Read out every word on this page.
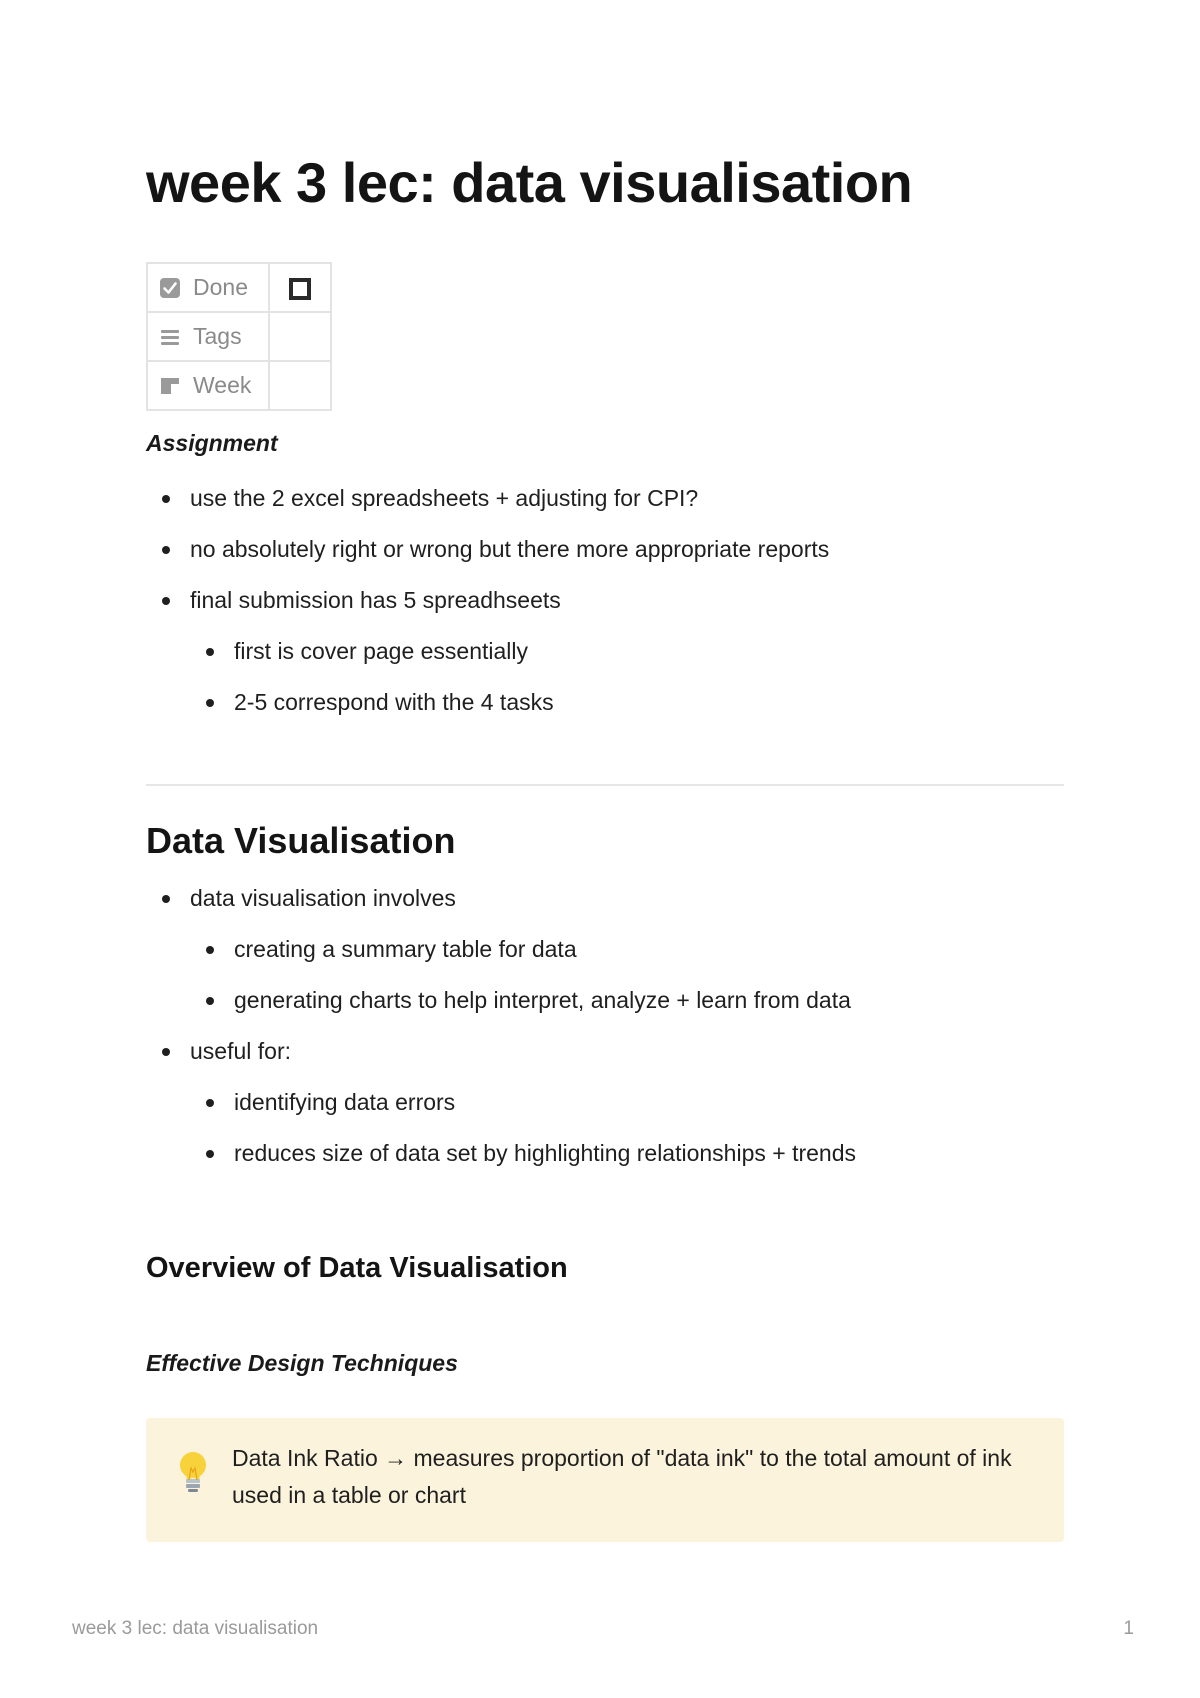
week 3 lec: data visualisation
Done	

Tags	

Week	

Assignment

use the 2 excel spreadsheets + adjusting for CPI?
no absolutely right or wrong but there more appropriate reports
final submission has 5 spreadhseets
first is cover page essentially
2-5 correspond with the 4 tasks
Data Visualisation
data visualisation involves
creating a summary table for data
generating charts to help interpret, analyze + learn from data
useful for:
identifying data errors
reduces size of data set by highlighting relationships + trends
Overview of Data Visualisation

Effective Design Techniques

Data Ink Ratio → measures proportion of "data ink" to the total amount of ink used in a table or chart
week 3 lec: data visualisation	1
